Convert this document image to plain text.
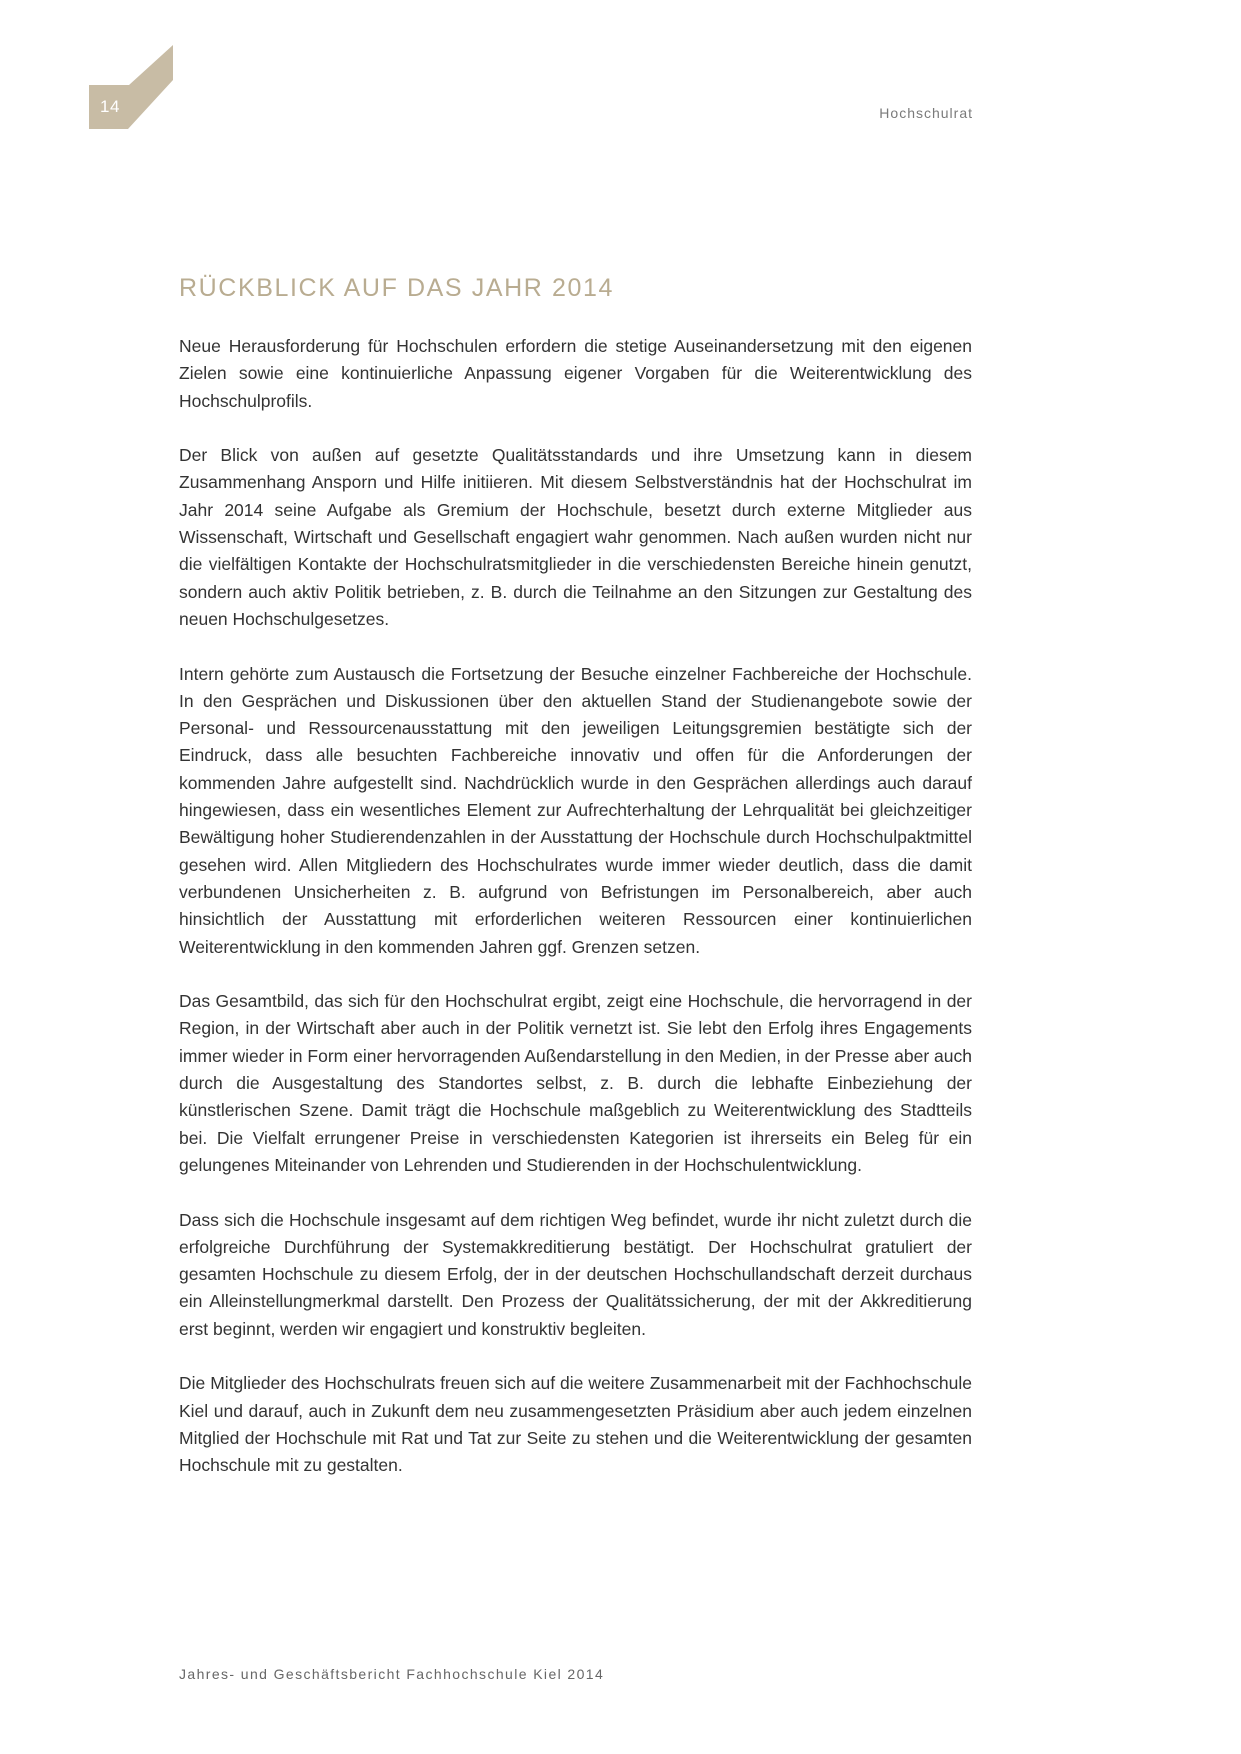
14	Hochschulrat
RÜCKBLICK AUF DAS JAHR 2014

Neue Herausforderung für Hochschulen erfordern die stetige Auseinandersetzung mit den eigenen Zielen sowie eine kontinuierliche Anpassung eigener Vorgaben für die Weiterentwicklung des Hochschulprofils.

Der Blick von außen auf gesetzte Qualitätsstandards und ihre Umsetzung kann in diesem Zusammenhang Ansporn und Hilfe initiieren. Mit diesem Selbstverständnis hat der Hochschulrat im Jahr 2014 seine Aufgabe als Gremium der Hochschule, besetzt durch externe Mitglieder aus Wissenschaft, Wirtschaft und Gesellschaft engagiert wahr genommen. Nach außen wurden nicht nur die vielfältigen Kontakte der Hochschulratsmitglieder in die verschiedensten Bereiche hinein genutzt, sondern auch aktiv Politik betrieben, z. B. durch die Teilnahme an den Sitzungen zur Gestaltung des neuen Hochschulgesetzes.

Intern gehörte zum Austausch die Fortsetzung der Besuche einzelner Fachbereiche der Hochschule. In den Gesprächen und Diskussionen über den aktuellen Stand der Studienangebote sowie der Personal- und Ressourcenausstattung mit den jeweiligen Leitungsgremien bestätigte sich der Eindruck, dass alle besuchten Fachbereiche innovativ und offen für die Anforderungen der kommenden Jahre aufgestellt sind. Nachdrücklich wurde in den Gesprächen allerdings auch darauf hingewiesen, dass ein wesentliches Element zur Aufrechterhaltung der Lehrqualität bei gleichzeitiger Bewältigung hoher Studierendenzahlen in der Ausstattung der Hochschule durch Hochschulpaktmittel gesehen wird. Allen Mitgliedern des Hochschulrates wurde immer wieder deutlich, dass die damit verbundenen Unsicherheiten z. B. aufgrund von Befristungen im Personalbereich, aber auch hinsichtlich der Ausstattung mit erforderlichen weiteren Ressourcen einer kontinuierlichen Weiterentwicklung in den kommenden Jahren ggf. Grenzen setzen.

Das Gesamtbild, das sich für den Hochschulrat ergibt, zeigt eine Hochschule, die hervorragend in der Region, in der Wirtschaft aber auch in der Politik vernetzt ist. Sie lebt den Erfolg ihres Engagements immer wieder in Form einer hervorragenden Außendarstellung in den Medien, in der Presse aber auch durch die Ausgestaltung des Standortes selbst, z. B. durch die lebhafte Einbeziehung der künstlerischen Szene. Damit trägt die Hochschule maßgeblich zu Weiterentwicklung des Stadtteils bei. Die Vielfalt errungener Preise in verschiedensten Kategorien ist ihrerseits ein Beleg für ein gelungenes Miteinander von Lehrenden und Studierenden in der Hochschulentwicklung.

Dass sich die Hochschule insgesamt auf dem richtigen Weg befindet, wurde ihr nicht zuletzt durch die erfolgreiche Durchführung der Systemakkreditierung bestätigt. Der Hochschulrat gratuliert der gesamten Hochschule zu diesem Erfolg, der in der deutschen Hochschullandschaft derzeit durchaus ein Alleinstellungmerkmal darstellt. Den Prozess der Qualitätssicherung, der mit der Akkreditierung erst beginnt, werden wir engagiert und konstruktiv begleiten.

Die Mitglieder des Hochschulrats freuen sich auf die weitere Zusammenarbeit mit der Fachhochschule Kiel und darauf, auch in Zukunft dem neu zusammengesetzten Präsidium aber auch jedem einzelnen Mitglied der Hochschule mit Rat und Tat zur Seite zu stehen und die Weiterentwicklung der gesamten Hochschule mit zu gestalten.

Jahres- und Geschäftsbericht Fachhochschule Kiel 2014
